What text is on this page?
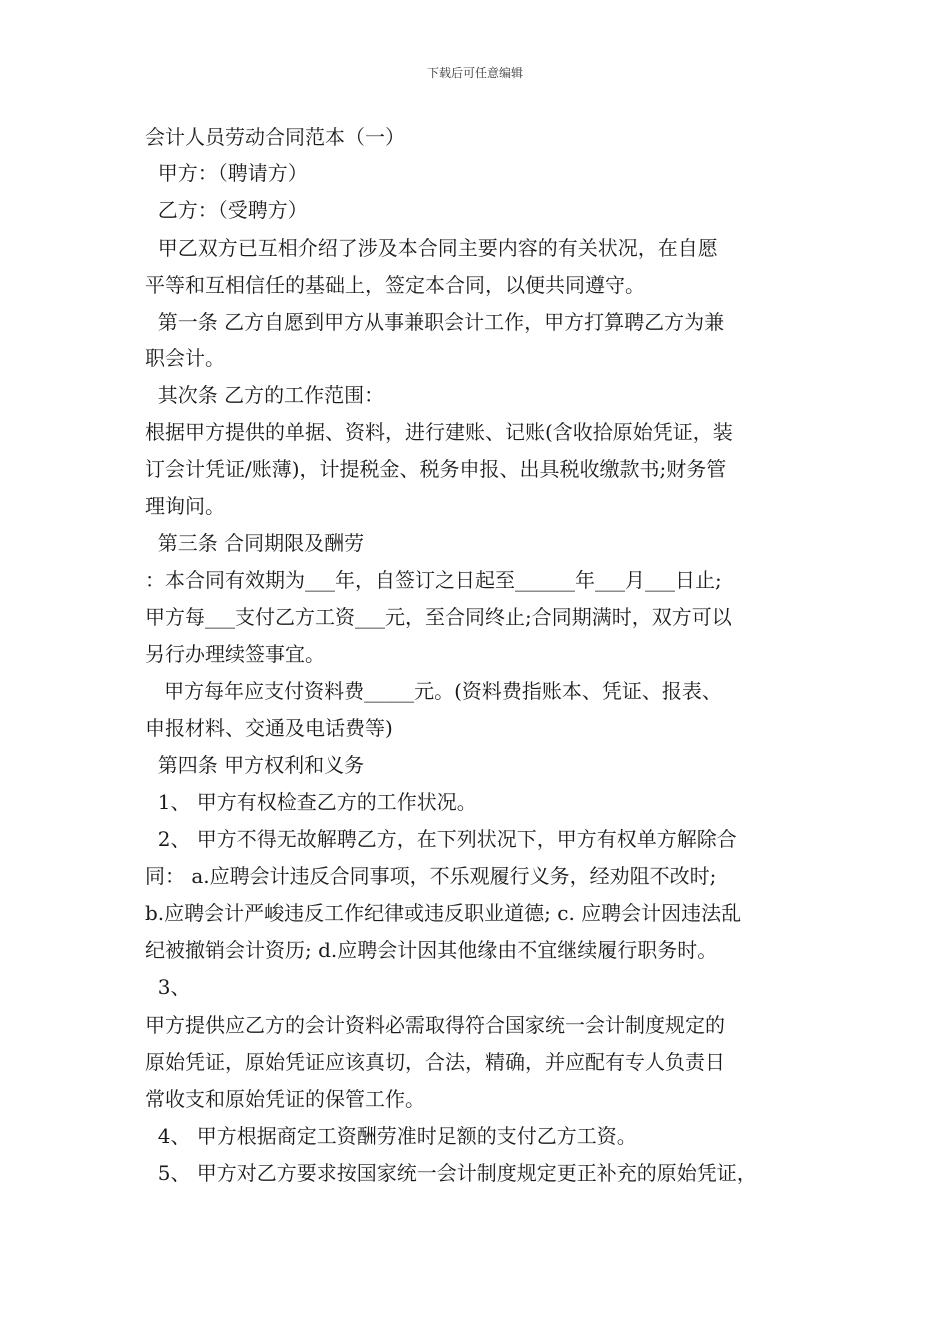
下载后可任意编辑
会计人员劳动合同范本（一）
甲方：（聘请方）
乙方：（受聘方）
甲乙双方已互相介绍了涉及本合同主要内容的有关状况，在自愿
平等和互相信任的基础上，签定本合同，以便共同遵守。
第一条 乙方自愿到甲方从事兼职会计工作，甲方打算聘乙方为兼
职会计。
其次条 乙方的工作范围：
根据甲方提供的单据、资料，进行建账、记账(含收拾原始凭证，装
订会计凭证/账薄)，计提税金、税务申报、出具税收缴款书;财务管
理询问。
第三条 合同期限及酬劳
：本合同有效期为___年，自签订之日起至______年___月___日止;
甲方每___支付乙方工资___元，至合同终止;合同期满时，双方可以
另行办理续签事宜。
甲方每年应支付资料费_____元。(资料费指账本、凭证、报表、
申报材料、交通及电话费等)
第四条 甲方权利和义务
1、 甲方有权检查乙方的工作状况。
2、 甲方不得无故解聘乙方，在下列状况下，甲方有权单方解除合
同： a.应聘会计违反合同事项，不乐观履行义务，经劝阻不改时;
b.应聘会计严峻违反工作纪律或违反职业道德; c. 应聘会计因违法乱
纪被撤销会计资历; d.应聘会计因其他缘由不宜继续履行职务时。
3、
甲方提供应乙方的会计资料必需取得符合国家统一会计制度规定的
原始凭证，原始凭证应该真切，合法，精确，并应配有专人负责日
常收支和原始凭证的保管工作。
4、 甲方根据商定工资酬劳准时足额的支付乙方工资。
5、 甲方对乙方要求按国家统一会计制度规定更正补充的原始凭证，
